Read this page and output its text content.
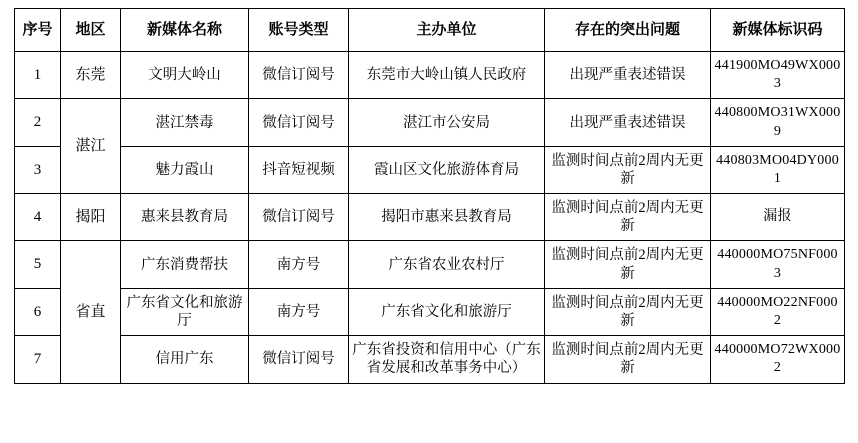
序号	地区	新媒体名称	账号类型	主办单位	存在的突出问题	新媒体标识码
1	东莞	文明大岭山	微信订阅号	东莞市大岭山镇人民政府	出现严重表述错误	441900MO49WX0003
2	湛江	湛江禁毒	微信订阅号	湛江市公安局	出现严重表述错误	440800MO31WX0009
3		魅力霞山	抖音短视频	霞山区文化旅游体育局	监测时间点前2周内无更新	440803MO04DY0001
4	揭阳	惠来县教育局	微信订阅号	揭阳市惠来县教育局	监测时间点前2周内无更新	漏报
5	省直	广东消费帮扶	南方号	广东省农业农村厅	监测时间点前2周内无更新	440000MO75NF0003
6		广东省文化和旅游厅	南方号	广东省文化和旅游厅	监测时间点前2周内无更新	440000MO22NF0002
7		信用广东	微信订阅号	广东省投资和信用中心（广东省发展和改革事务中心）	监测时间点前2周内无更新	440000MO72WX0002
